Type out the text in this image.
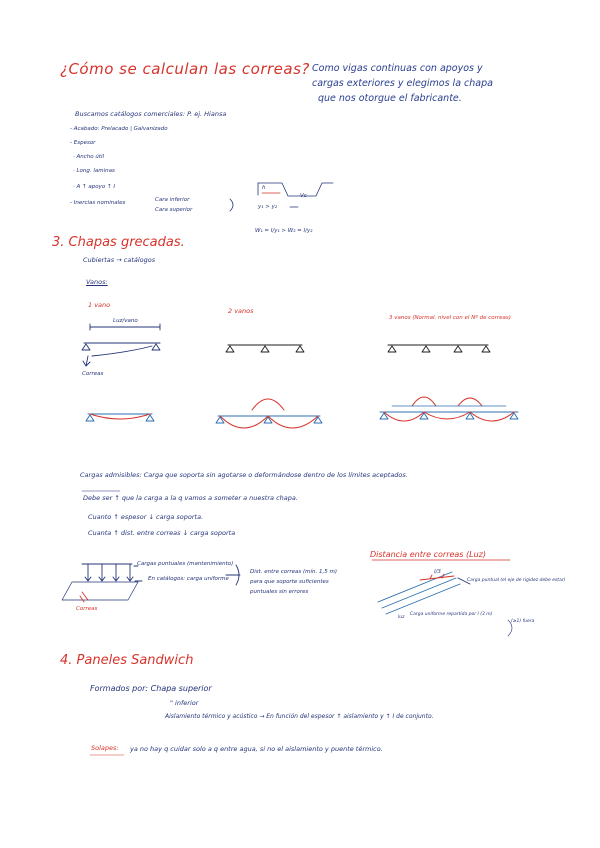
¿Cómo se calculan las correas? Como vigas continuas con apoyos y
cargas exteriores y elegimos la chapa
que nos otorgue el fabricante.
Buscamos catálogos comerciales: P. ej. Hiansa
- Acabado: Prelacado | Galvanizado
- Espesor
· Ancho útil
· Long. laminas
· A ↑ apoyo ↑ I
- Inercias nominales	Cara inferior
Cara superior
h
Vc
y₁ > y₂
W₁ = I/y₁ > W₂ = I/y₂
3. Chapas grecadas.
Cubiertas → catálogos
Vanos:
1 vano
2 vanos
3 vanos (Normal. nivel con el Nº de correas)
Luz/vano
Correas
Cargas admisibles: Carga que soporta sin agotarse o deformándose dentro de los límites aceptados.
Debe ser ↑ que la carga a la q vamos a someter a nuestra chapa.
Cuanto ↑ espesor ↓ carga soporta.
Cuanta ↑ dist. entre correas ↓ carga soporta
Cargas puntuales (mantenimiento)
En catálogos: carga uniforme
Correas
Dist. entre correas (mín. 1,5 m)
para que soporte suficientes
puntuales sin errores
Distancia entre correas (Luz)
l/3
Carga puntual (el eje de rigidez debe estar)
Carga uniforme repartida por l (3 m)
(≥1) fuera
luz
4. Paneles Sandwich
Formados por: Chapa superior
" inferior
Aislamiento térmico y acústico → En función del espesor ↑ aislamiento y ↑ I de conjunto.
Solapes: ya no hay q cuidar solo a q entre agua, si no el aislamiento y puente térmico.
